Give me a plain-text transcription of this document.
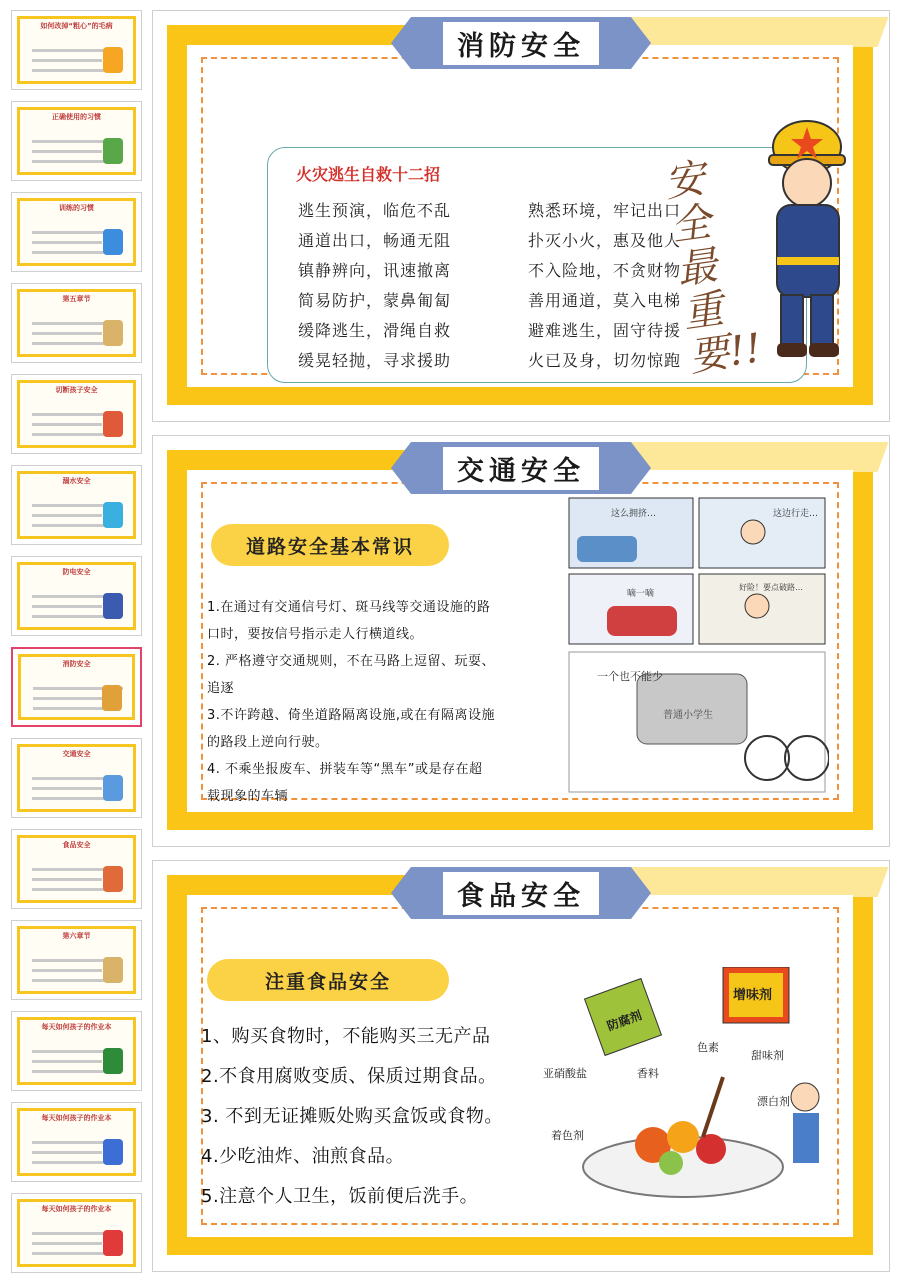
如何改掉“粗心”的毛病
正确使用的习惯
训练的习惯
第五章节
切断孩子安全
溺水安全
防电安全
消防安全
交通安全
食品安全
第六章节
每天如何孩子的作业本
每天如何孩子的作业本
每天如何孩子的作业本
火灾逃生自救十二招
逃生预演，临危不乱	熟悉环境，牢记出口
通道出口，畅通无阻	扑灭小火，惠及他人
镇静辨向，讯速撤离	不入险地，不贪财物
简易防护，蒙鼻匍匐	善用通道，莫入电梯
缓降逃生，滑绳自救	避难逃生，固守待援
缓晃轻抛，寻求援助	火已及身，切勿惊跑
安全最重要!!
消防安全
道路安全基本常识

1.在通过有交通信号灯、斑马线等交通设施的路

口时，要按信号指示走人行横道线。

2. 严格遵守交通规则，不在马路上逗留、玩耍、

追逐

3.不许跨越、倚坐道路隔离设施,或在有隔离设施

的路段上逆向行驶。

4. 不乘坐报废车、拼装车等“黑车”或是存在超

载现象的车辆

这么拥挤…	这边行走…
嘀一嘀
好险！要点破路…
一个也不能少
普通小学生
交通安全
注重食品安全

1、购买食物时，不能购买三无产品

2.不食用腐败变质、保质过期食品。

3. 不到无证摊贩处购买盒饭或食物。

4.少吃油炸、油煎食品。

5.注意个人卫生，饭前便后洗手。

防腐剂
增味剂
色素
香料
甜味剂
亚硝酸盐
漂白剂
着色剂
食品安全
